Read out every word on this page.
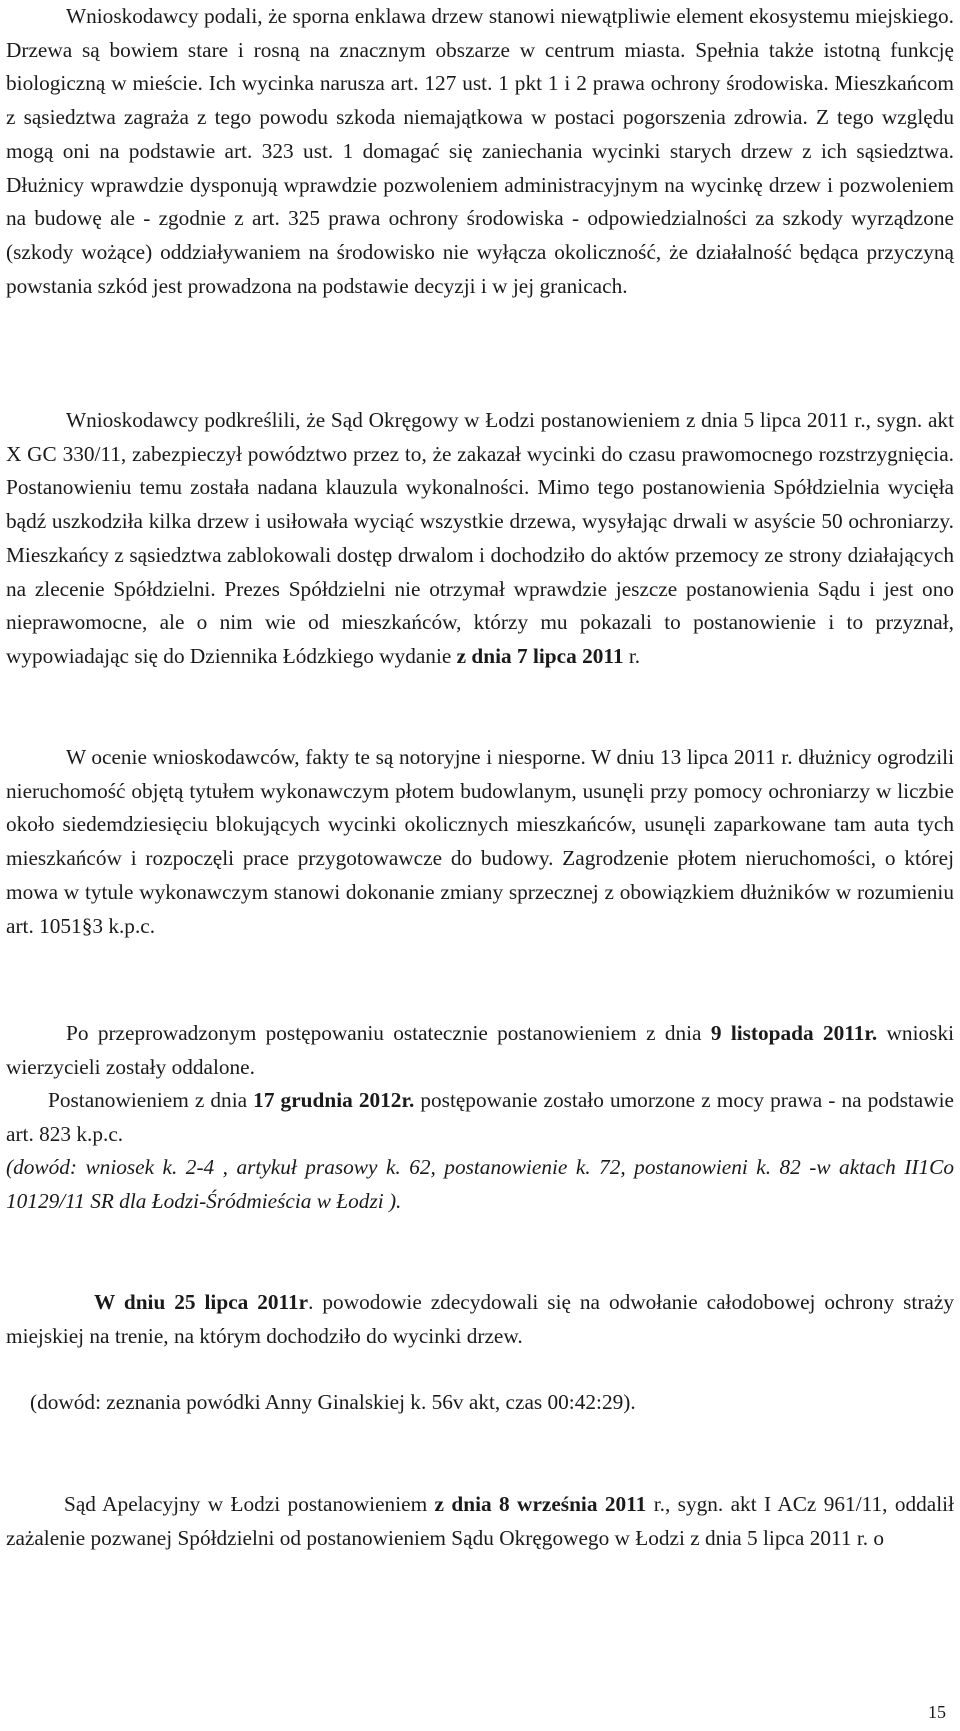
Wnioskodawcy podali, że sporna enklawa drzew stanowi niewątpliwie element ekosystemu miejskiego. Drzewa są bowiem stare i rosną na znacznym obszarze w centrum miasta. Spełnia także istotną funkcję biologiczną w mieście. Ich wycinka narusza art. 127 ust. 1 pkt 1 i 2 prawa ochrony środowiska. Mieszkańcom z sąsiedztwa zagraża z tego powodu szkoda niemajątkowa w postaci pogorszenia zdrowia. Z tego względu mogą oni na podstawie art. 323 ust. 1 domagać się zaniechania wycinki starych drzew z ich sąsiedztwa. Dłużnicy wprawdzie dysponują wprawdzie pozwoleniem administracyjnym na wycinkę drzew i pozwoleniem na budowę ale - zgodnie z art. 325 prawa ochrony środowiska - odpowiedzialności za szkody wyrządzone (szkody wożące) oddziaływaniem na środowisko nie wyłącza okoliczność, że działalność będąca przyczyną powstania szkód jest prowadzona na podstawie decyzji i w jej granicach.

Wnioskodawcy podkreślili, że Sąd Okręgowy w Łodzi postanowieniem z dnia 5 lipca 2011 r., sygn. akt X GC 330/11, zabezpieczył powództwo przez to, że zakazał wycinki do czasu prawomocnego rozstrzygnięcia. Postanowieniu temu została nadana klauzula wykonalności. Mimo tego postanowienia Spółdzielnia wycięła bądź uszkodziła kilka drzew i usiłowała wyciąć wszystkie drzewa, wysyłając drwali w asyście 50 ochroniarzy. Mieszkańcy z sąsiedztwa zablokowali dostęp drwalom i dochodziło do aktów przemocy ze strony działających na zlecenie Spółdzielni. Prezes Spółdzielni nie otrzymał wprawdzie jeszcze postanowienia Sądu i jest ono nieprawomocne, ale o nim wie od mieszkańców, którzy mu pokazali to postanowienie i to przyznał, wypowiadając się do Dziennika Łódzkiego wydanie z dnia 7 lipca 2011 r.

W ocenie wnioskodawców, fakty te są notoryjne i niesporne. W dniu 13 lipca 2011 r. dłużnicy ogrodzili nieruchomość objętą tytułem wykonawczym płotem budowlanym, usunęli przy pomocy ochroniarzy w liczbie około siedemdziesięciu blokujących wycinki okolicznych mieszkańców, usunęli zaparkowane tam auta tych mieszkańców i rozpoczęli prace przygotowawcze do budowy. Zagrodzenie płotem nieruchomości, o której mowa w tytule wykonawczym stanowi dokonanie zmiany sprzecznej z obowiązkiem dłużników w rozumieniu art. 1051§3 k.p.c.

Po przeprowadzonym postępowaniu ostatecznie postanowieniem z dnia 9 listopada 2011r. wnioski wierzycieli zostały oddalone.

Postanowieniem z dnia 17 grudnia 2012r. postępowanie zostało umorzone z mocy prawa - na podstawie art. 823 k.p.c.

(dowód: wniosek k. 2-4 , artykuł prasowy k. 62, postanowienie k. 72, postanowieni k. 82 -w aktach II1Co 10129/11 SR dla Łodzi-Śródmieścia w Łodzi ).

W dniu 25 lipca 2011r. powodowie zdecydowali się na odwołanie całodobowej ochrony straży miejskiej na trenie, na którym dochodziło do wycinki drzew.

(dowód: zeznania powódki Anny Ginalskiej k. 56v akt, czas 00:42:29).

Sąd Apelacyjny w Łodzi postanowieniem z dnia 8 września 2011 r., sygn. akt I ACz 961/11, oddalił zażalenie pozwanej Spółdzielni od postanowieniem Sądu Okręgowego w Łodzi z dnia 5 lipca 2011 r. o

15
